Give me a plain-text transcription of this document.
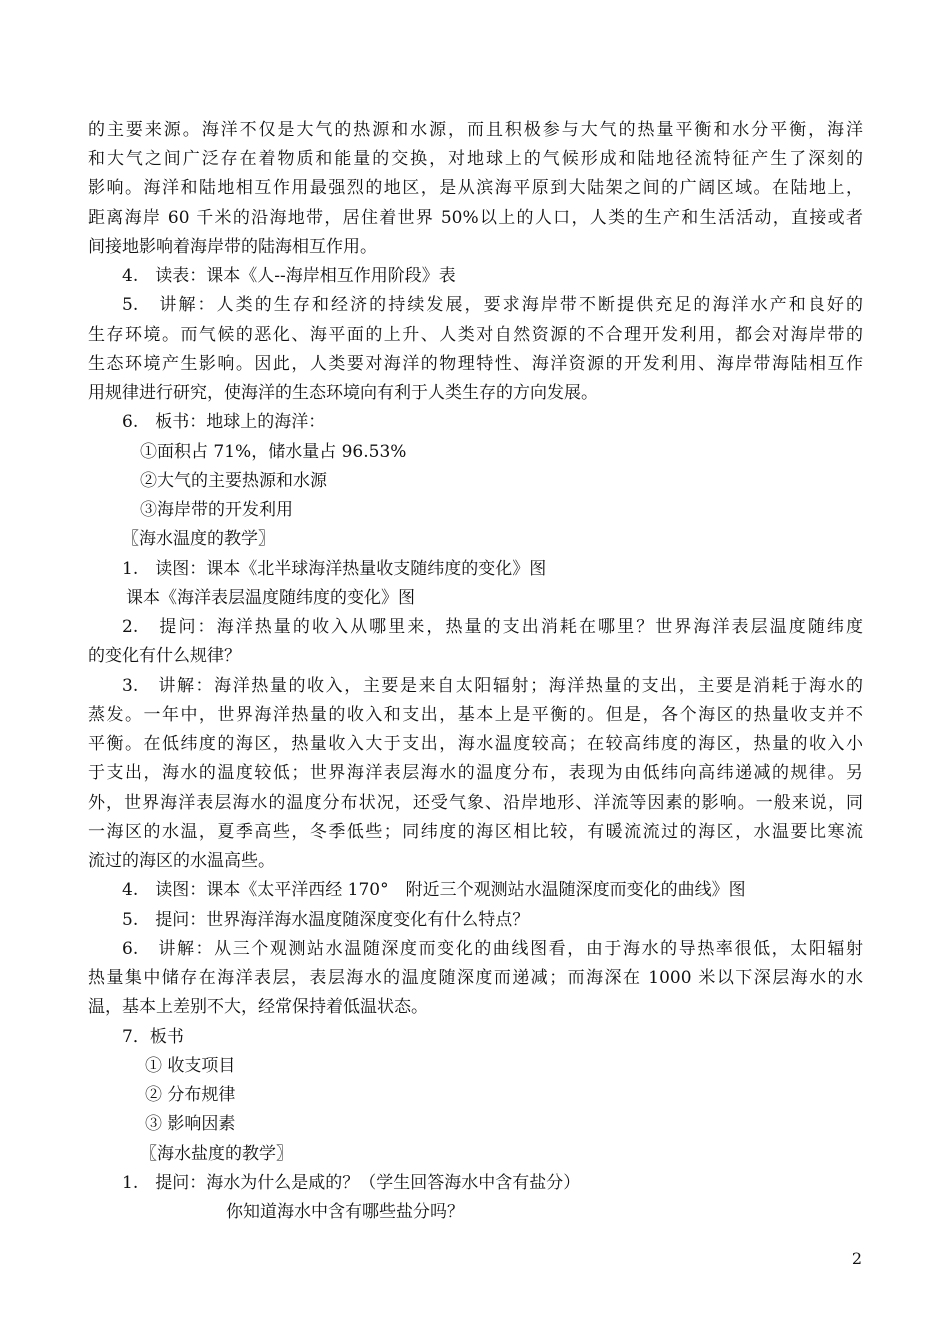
的主要来源。海洋不仅是大气的热源和水源，而且积极参与大气的热量平衡和水分平衡，海洋

和大气之间广泛存在着物质和能量的交换，对地球上的气候形成和陆地径流特征产生了深刻的

影响。海洋和陆地相互作用最强烈的地区，是从滨海平原到大陆架之间的广阔区域。在陆地上，

距离海岸 60 千米的沿海地带，居住着世界 50%以上的人口，人类的生产和生活活动，直接或者

间接地影响着海岸带的陆海相互作用。

4.　读表：课本《人--海岸相互作用阶段》表

5.　讲解：人类的生存和经济的持续发展，要求海岸带不断提供充足的海洋水产和良好的

生存环境。而气候的恶化、海平面的上升、人类对自然资源的不合理开发利用，都会对海岸带的

生态环境产生影响。因此，人类要对海洋的物理特性、海洋资源的开发利用、海岸带海陆相互作

用规律进行研究，使海洋的生态环境向有利于人类生存的方向发展。

6.　板书：地球上的海洋：

①面积占 71%，储水量占 96.53%

②大气的主要热源和水源

③海岸带的开发利用

〖海水温度的教学〗

1.　读图：课本《北半球海洋热量收支随纬度的变化》图

课本《海洋表层温度随纬度的变化》图

2.　提问：海洋热量的收入从哪里来，热量的支出消耗在哪里？世界海洋表层温度随纬度

的变化有什么规律？

3.　讲解：海洋热量的收入，主要是来自太阳辐射；海洋热量的支出，主要是消耗于海水的

蒸发。一年中，世界海洋热量的收入和支出，基本上是平衡的。但是，各个海区的热量收支并不

平衡。在低纬度的海区，热量收入大于支出，海水温度较高；在较高纬度的海区，热量的收入小

于支出，海水的温度较低；世界海洋表层海水的温度分布，表现为由低纬向高纬递减的规律。另

外，世界海洋表层海水的温度分布状况，还受气象、沿岸地形、洋流等因素的影响。一般来说，同

一海区的水温，夏季高些，冬季低些；同纬度的海区相比较，有暖流流过的海区，水温要比寒流

流过的海区的水温高些。

4.　读图：课本《太平洋西经 170°　附近三个观测站水温随深度而变化的曲线》图

5.　提问：世界海洋海水温度随深度变化有什么特点？

6.　讲解：从三个观测站水温随深度而变化的曲线图看，由于海水的导热率很低，太阳辐射

热量集中储存在海洋表层，表层海水的温度随深度而递减；而海深在 1000 米以下深层海水的水

温，基本上差别不大，经常保持着低温状态。

7．板书

① 收支项目

② 分布规律

③ 影响因素

〖海水盐度的教学〗

1.　提问：海水为什么是咸的？（学生回答海水中含有盐分）

你知道海水中含有哪些盐分吗？

2
